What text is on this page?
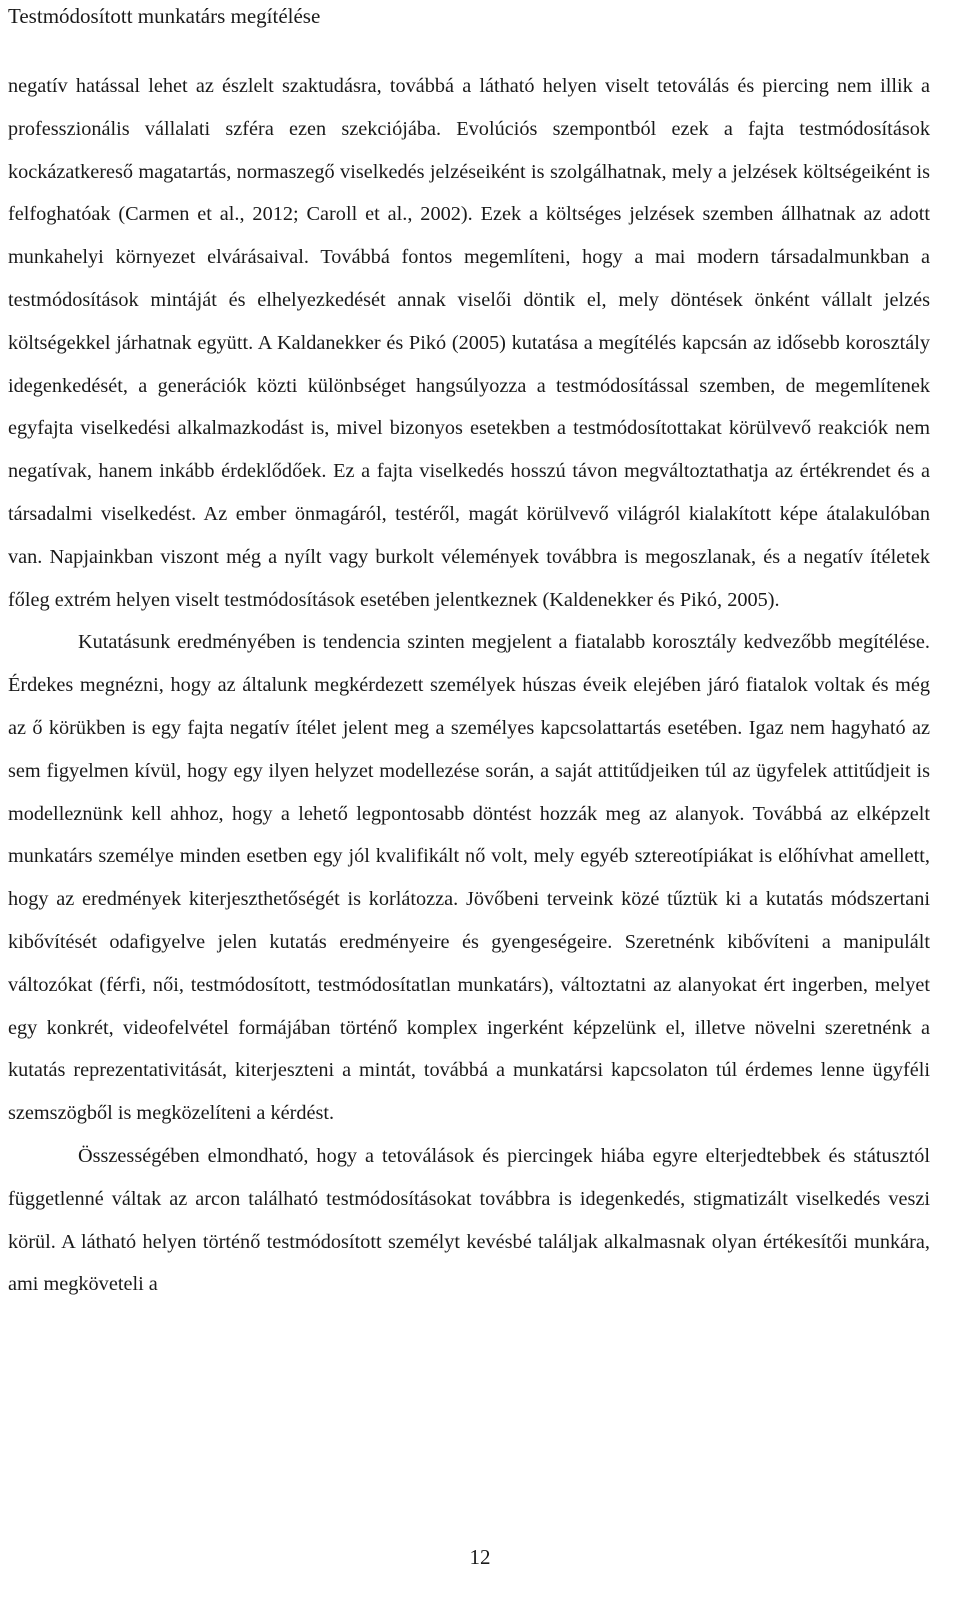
Testmódosított munkatárs megítélése

negatív hatással lehet az észlelt szaktudásra, továbbá a látható helyen viselt tetoválás és piercing nem illik a professzionális vállalati szféra ezen szekciójába. Evolúciós szempontból ezek a fajta testmódosítások kockázatkereső magatartás, normaszegő viselkedés jelzéseiként is szolgálhatnak, mely a jelzések költségeiként is felfoghatóak (Carmen et al., 2012; Caroll et al., 2002). Ezek a költséges jelzések szemben állhatnak az adott munkahelyi környezet elvárásaival. Továbbá fontos megemlíteni, hogy a mai modern társadalmunkban a testmódosítások mintáját és elhelyezkedését annak viselői döntik el, mely döntések önként vállalt jelzés költségekkel járhatnak együtt. A Kaldanekker és Pikó (2005) kutatása a megítélés kapcsán az idősebb korosztály idegenkedését, a generációk közti különbséget hangsúlyozza a testmódosítással szemben, de megemlítenek egyfajta viselkedési alkalmazkodást is, mivel bizonyos esetekben a testmódosítottakat körülvevő reakciók nem negatívak, hanem inkább érdeklődőek. Ez a fajta viselkedés hosszú távon megváltoztathatja az értékrendet és a társadalmi viselkedést. Az ember önmagáról, testéről, magát körülvevő világról kialakított képe átalakulóban van. Napjainkban viszont még a nyílt vagy burkolt vélemények továbbra is megoszlanak, és a negatív ítéletek főleg extrém helyen viselt testmódosítások esetében jelentkeznek (Kaldenekker és Pikó, 2005).

Kutatásunk eredményében is tendencia szinten megjelent a fiatalabb korosztály kedvezőbb megítélése. Érdekes megnézni, hogy az általunk megkérdezett személyek húszas éveik elejében járó fiatalok voltak és még az ő körükben is egy fajta negatív ítélet jelent meg a személyes kapcsolattartás esetében. Igaz nem hagyható az sem figyelmen kívül, hogy egy ilyen helyzet modellezése során, a saját attitűdjeiken túl az ügyfelek attitűdjeit is modelleznünk kell ahhoz, hogy a lehető legpontosabb döntést hozzák meg az alanyok. Továbbá az elképzelt munkatárs személye minden esetben egy jól kvalifikált nő volt, mely egyéb sztereotípiákat is előhívhat amellett, hogy az eredmények kiterjeszthetőségét is korlátozza. Jövőbeni terveink közé tűztük ki a kutatás módszertani kibővítését odafigyelve jelen kutatás eredményeire és gyengeségeire. Szeretnénk kibővíteni a manipulált változókat (férfi, női, testmódosított, testmódosítatlan munkatárs), változtatni az alanyokat ért ingerben, melyet egy konkrét, videofelvétel formájában történő komplex ingerként képzelünk el, illetve növelni szeretnénk a kutatás reprezentativitását, kiterjeszteni a mintát, továbbá a munkatársi kapcsolaton túl érdemes lenne ügyféli szemszögből is megközelíteni a kérdést.

Összességében elmondható, hogy a tetoválások és piercingek hiába egyre elterjedtebbek és státusztól függetlenné váltak az arcon található testmódosításokat továbbra is idegenkedés, stigmatizált viselkedés veszi körül. A látható helyen történő testmódosított személyt kevésbé találjak alkalmasnak olyan értékesítői munkára, ami megköveteli a

12
